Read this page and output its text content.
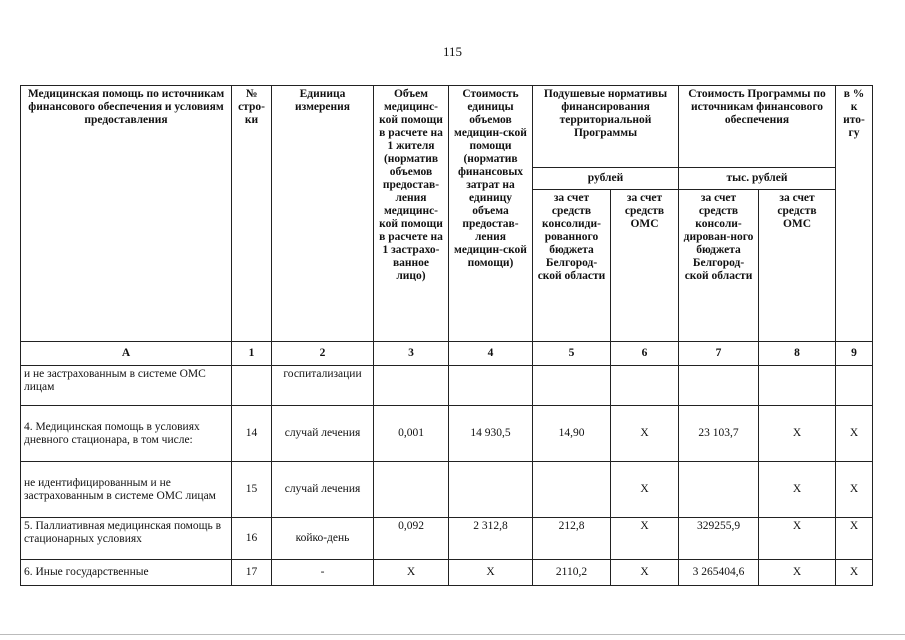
115
Медицинская помощь по источникам финансового обеспечения и условиям предоставления	№ стро-ки	Единица измерения	Объем медицинс-кой помощи в расчете на 1 жителя (норматив объемов предостав-ления медицинс-кой помощи в расчете на 1 застрахо-ванное лицо)	Стоимость единицы объемов медицин-ской помощи (норматив финансовых затрат на единицу объема предостав-ления медицин-ской помощи)	Подушевые нормативы финансирования территориальной Программы		Стоимость Программы по источникам финансового обеспечения		в % к ито-гу
					рублей		тыс. рублей		
					за счет средств консолиди-рованного бюджета Белгород-ской области	за счет средств ОМС	за счет средств консоли-дирован-ного бюджета Белгород-ской области	за счет средств ОМС	
А	1	2	3	4	5	6	7	8	9
и не застрахованным в системе ОМС лицам		госпитализации							
4. Медицинская помощь в условиях дневного стационара, в том числе:	14	случай лечения	0,001	14 930,5	14,90	X	23 103,7	X	X
не идентифицированным и не застрахованным в системе ОМС лицам	15	случай лечения				X		X	X
5. Паллиативная медицинская помощь в стационарных условиях	16	койко-день	0,092	2 312,8	212,8	X	329255,9	X	X
6. Иные государственные	17	-	X	X	2110,2	X	3 265404,6	X	X
